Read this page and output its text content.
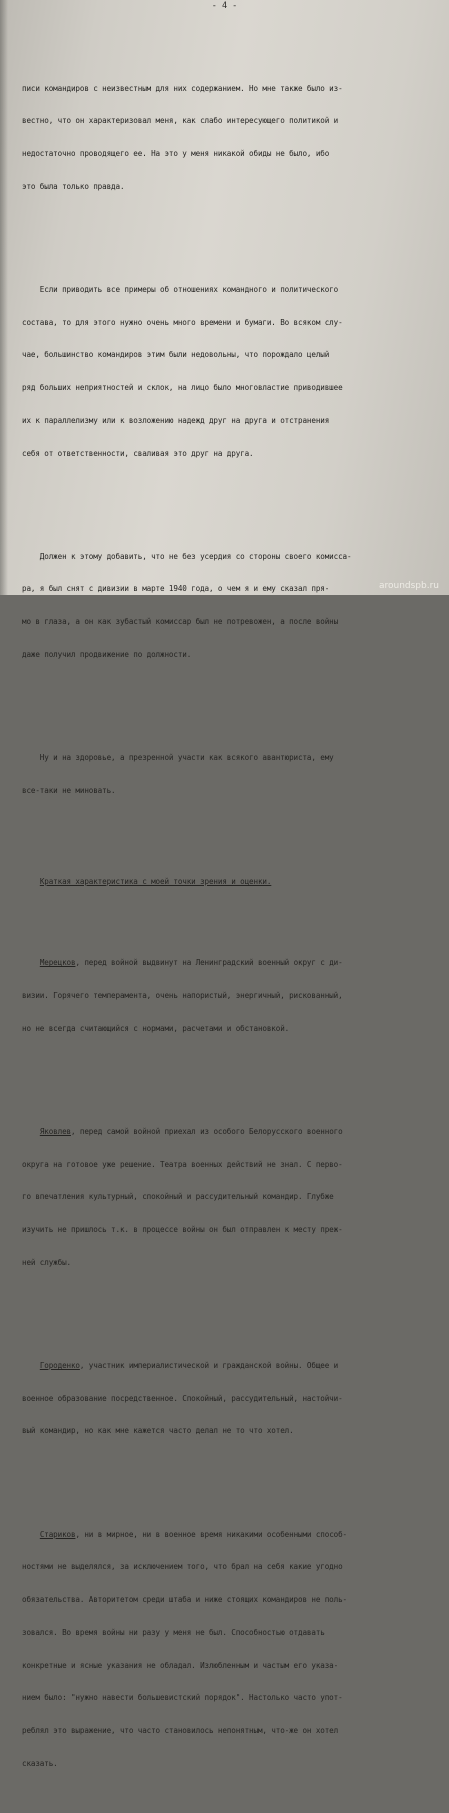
- 4 -

писи командиров с неизвестным для них содержанием. Но мне также было из-

вестно, что он характеризовал меня, как слабо интересующего политикой и

недостаточно проводящего ее. На это у меня никакой обиды не было, ибо

это была только правда.

Если приводить все примеры об отношениях командного и политического

состава, то для этого нужно очень много времени и бумаги. Во всяком слу-

чае, большинство командиров этим были недовольны, что порождало целый

ряд больших неприятностей и склок, на лицо было многовластие приводившее

их к параллелизму или к возложению надежд друг на друга и отстранения

себя от ответственности, сваливая это друг на друга.

Должен к этому добавить, что не без усердия со стороны своего комисса-

ра, я был снят с дивизии в марте 1940 года, о чем я и ему сказал пря-

мо в глаза, а он как зубастый комиссар был не потревожен, а после войны

даже получил продвижение по должности.

Ну и на здоровье, а презренной участи как всякого авантюриста, ему

все-таки не миновать.

Краткая характеристика с моей точки зрения и оценки.

Мерецков, перед войной выдвинут на Ленинградский военный округ с ди-

визии. Горячего темперамента, очень напористый, энергичный, рискованный,

но не всегда считающийся с нормами, расчетами и обстановкой.

Яковлев, перед самой войной приехал из особого Белорусского военного

округа на готовое уже решение. Театра военных действий не знал. С перво-

го впечатления культурный, спокойный и рассудительный командир. Глубже

изучить не пришлось т.к. в процессе войны он был отправлен к месту преж-

ней службы.

Городенко, участник империалистической и гражданской войны. Общее и

военное образование посредственное. Спокойный, рассудительный, настойчи-

вый командир, но как мне кажется часто делал не то что хотел.

Стариков, ни в мирное, ни в военное время никакими особенными способ-

ностями не выделялся, за исключением того, что брал на себя какие угодно

обязательства. Авторитетом среди штаба и ниже стоящих командиров не поль-

зовался. Во время войны ни разу у меня не был. Способностью отдавать

конкретные и ясные указания не обладал. Излюбленным и частым его указа-

нием было: "нужно навести большевистский порядок". Настолько часто упот-

реблял это выражение, что часто становилось непонятным, что-же он хотел

сказать.

aroundspb.ru
